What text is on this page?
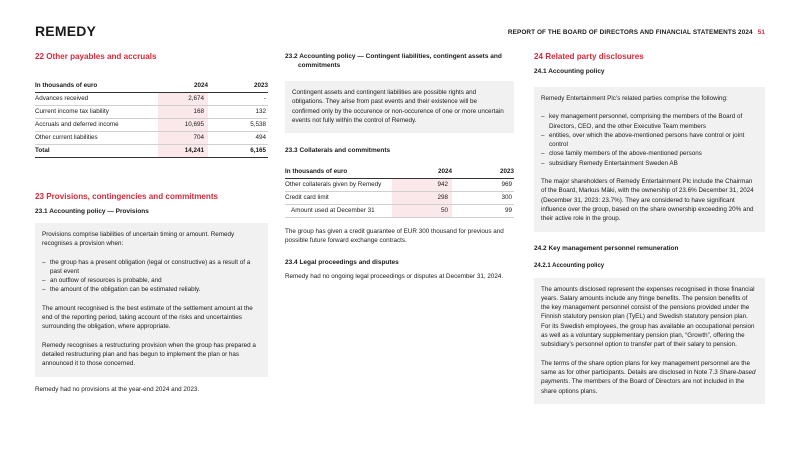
REMEDY	REPORT OF THE BOARD OF DIRECTORS AND FINANCIAL STATEMENTS 2024 51
22 Other payables and accruals
In thousands of euro	2024	2023
Advances received	2,674	-
Current income tax liability	168	132
Accruals and deferred income	10,695	5,538
Other current liabilities	704	494
Total	14,241	6,165
23 Provisions, contingencies and commitments
23.1 Accounting policy — Provisions
Provisions comprise liabilities of uncertain timing or amount. Remedy recognises a provision when:
– the group has a present obligation (legal or constructive) as a result of a past event
– an outflow of resources is probable, and
– the amount of the obligation can be estimated reliably.
The amount recognised is the best estimate of the settlement amount at the end of the reporting period, taking account of the risks and uncertainties surrounding the obligation, where appropriate.
Remedy recognises a restructuring provision when the group has prepared a detailed restructuring plan and has begun to implement the plan or has announced it to those concerned.
Remedy had no provisions at the year-end 2024 and 2023.
23.2 Accounting policy — Contingent liabilities, contingent assets and commitments
Contingent assets and contingent liabilities are possible rights and obligations. They arise from past events and their existence will be confirmed only by the occurence or non-occurence of one or more uncertain events not fully within the control of Remedy.
23.3 Collaterals and commitments
In thousands of euro	2024	2023
Other collaterals given by Remedy	942	969
Credit card limit	298	300
Amount used at December 31	50	99
The group has given a credit guarantee of EUR 300 thousand for previous and possible future forward exchange contracts.
23.4 Legal proceedings and disputes
Remedy had no ongoing legal proceedings or disputes at December 31, 2024.
24 Related party disclosures
24.1 Accounting policy
Remedy Entertainment Plc’s related parties comprise the following:
– key management personnel, comprising the members of the Board of Directors, CEO, and the other Executive Team members
– entities, over which the above-mentioned persons have control or joint control
– close family members of the above-mentioned persons
– subsidiary Remedy Entertainment Sweden AB
The major shareholders of Remedy Entertainment Plc include the Chairman of the Board, Markus Mäki, with the ownership of 23.6% December 31, 2024 (December 31, 2023: 23.7%). They are considered to have significant influence over the group, based on the share ownership exceeding 20% and their active role in the group.
24.2 Key management personnel remuneration
24.2.1 Accounting policy
The amounts disclosed represent the expenses recognised in those financial years. Salary amounts include any fringe benefits. The pension benefits of the key management personnel consist of the pensions provided under the Finnish statutory pension plan (TyEL) and Swedish statutory pension plan. For its Swedish employees, the group has available an occupational pension as well as a voluntary supplementary pension plan, “Growth”, offering the subsidiary’s personnel option to transfer part of their salary to pension.
The terms of the share option plans for key management personnel are the same as for other participants. Details are disclosed in Note 7.3 Share-based payments. The members of the Board of Directors are not included in the share options plans.
